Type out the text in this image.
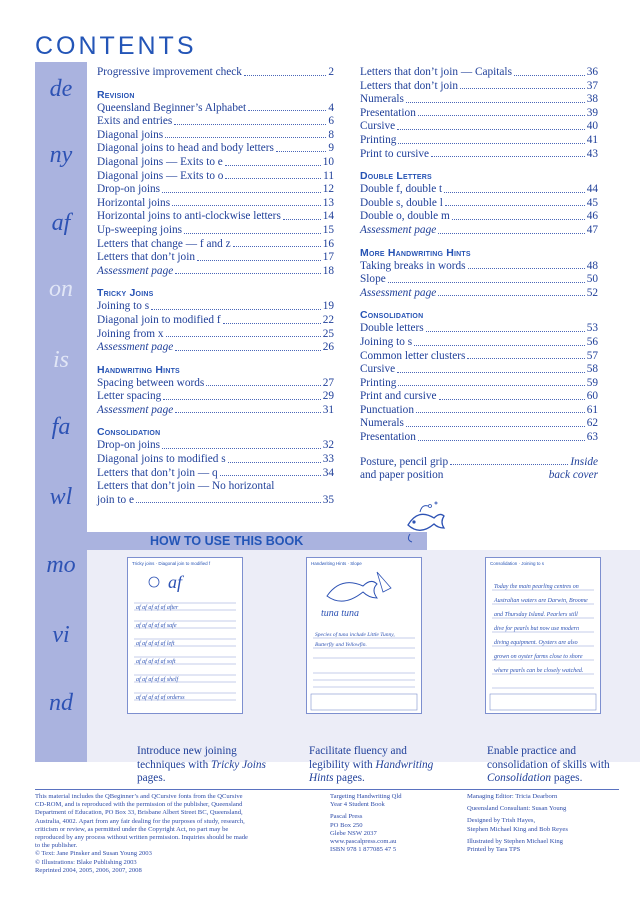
CONTENTS
de
ny
af
on
is
fa
wl
mo
vi
nd
Progressive improvement check	2
Revision
Queensland Beginner’s Alphabet	4
Exits and entries	6
Diagonal joins	8
Diagonal joins to head and body letters	9
Diagonal joins — Exits to e	10
Diagonal joins — Exits to o	11
Drop-on joins	12
Horizontal joins	13
Horizontal joins to anti-clockwise letters	14
Up-sweeping joins	15
Letters that change — f and z	16
Letters that don’t join	17
Assessment page	18
Tricky Joins
Joining to s	19
Diagonal join to modified f	22
Joining from x	25
Assessment page	26
Handwriting Hints
Spacing between words	27
Letter spacing	29
Assessment page	31
Consolidation
Drop-on joins	32
Diagonal joins to modified s	33
Letters that don’t join — q	34
Letters that don’t join — No horizontal
join to e	35
Letters that don’t join — Capitals	36
Letters that don’t join	37
Numerals	38
Presentation	39
Cursive	40
Printing	41
Print to cursive	43
Double Letters
Double f, double t	44
Double s, double l	45
Double o, double m	46
Assessment page	47
More Handwriting Hints
Taking breaks in words	48
Slope	50
Assessment page	52
Consolidation
Double letters	53
Joining to s	56
Common letter clusters	57
Cursive	58
Printing	59
Print and cursive	60
Punctuation	61
Numerals	62
Presentation	63
Posture, pencil grip	Inside
and paper position	back cover
HOW TO USE THIS BOOK
Tricky joins · Diagonal join to modified f
af
af af af af af after
af af af af af safe
af af af af af left
af af af af af soft
af af af af af shelf
af af af af af orderss
Handwriting Hints · Slope
tuna tuna
Species of tuna include Little Tunny,
Butterfly and Yellowfin.
Consolidation · Joining to s
Today the main pearling centres on
Australian waters are Darwin, Broome
and Thursday Island. Pearlers still
dive for pearls but now use modern
diving equipment. Oysters are also
grown on oyster farms close to shore
where pearls can be closely watched.
Introduce new joining techniques with Tricky Joins pages.
Facilitate fluency and legibility with Handwriting Hints pages.
Enable practice and consolidation of skills with Consolidation pages.

This material includes the QBeginner’s and QCursive fonts from the QCursive

CD-ROM, and is reproduced with the permission of the publisher, Queensland

Department of Education, PO Box 33, Brisbane Albert Street BC, Queensland,

Australia, 4002. Apart from any fair dealing for the purposes of study, research,

criticism or review, as permitted under the Copyright Act, no part may be

reproduced by any process without written permission. Inquiries should be made

to the publisher.

© Text: Jane Pinsker and Susan Young 2003

© Illustrations: Blake Publishing 2003

Reprinted 2004, 2005, 2006, 2007, 2008

Targeting Handwriting Qld

Year 4 Student Book

Pascal Press

PO Box 250

Glebe NSW 2037

www.pascalpress.com.au

ISBN 978 1 877085 47 5

Managing Editor: Tricia Dearborn

Queensland Consultant: Susan Young

Designed by Trish Hayes,

Stephen Michael King and Bob Reyes

Illustrated by Stephen Michael King

Printed by Tara TPS
